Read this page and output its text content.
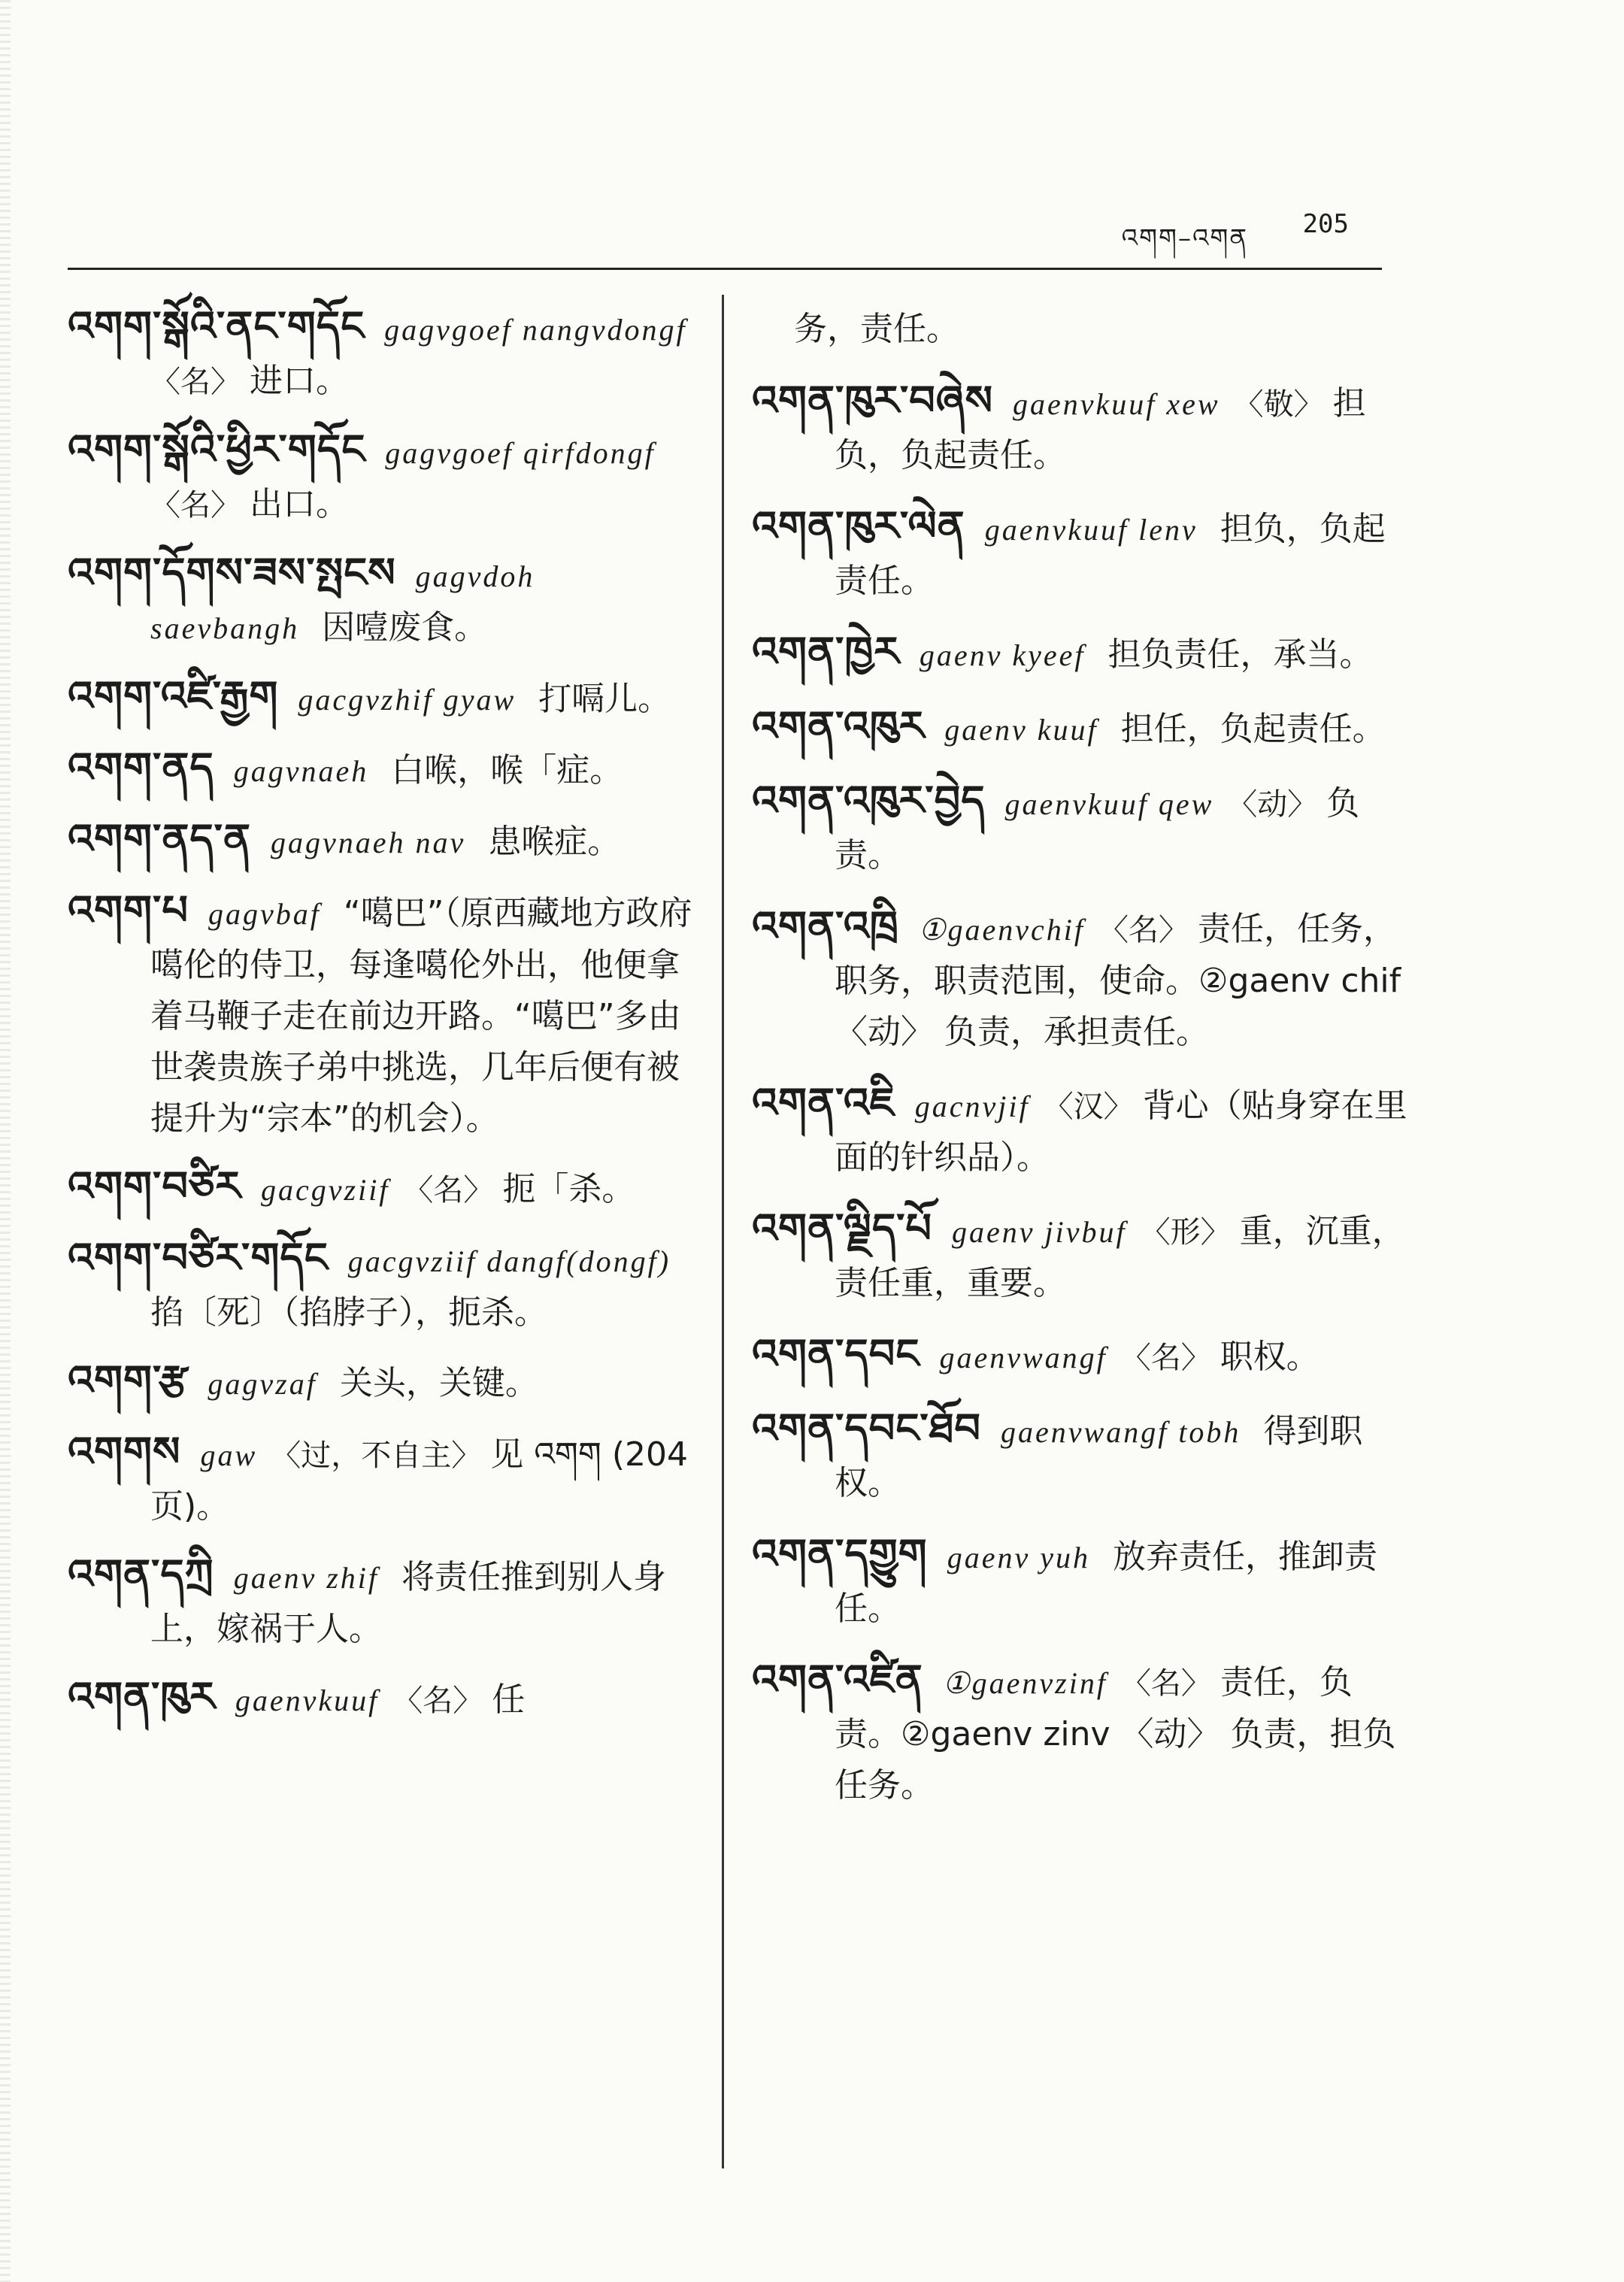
འགག–འགན 205
འགག་སྒོའི་ནང་གདོང gagvgoef nangvdongf〈名〉 进口。
འགག་སྒོའི་ཕྱིར་གདོང gagvgoef qirfdongf〈名〉 出口。
འགག་དོགས་ཟས་སྤངས gagvdoh saevbangh 因噎废食。
འགག་འཛི་རྒྱག gacgvzhif gyaw 打嗝儿。
འགག་ནད gagvnaeh 白喉，喉「症。
འགག་ནད་ན gagvnaeh nav 患喉症。
འགག་པ gagvbaf “噶巴”（原西藏地方政府噶伦的侍卫，每逢噶伦外出，他便拿着马鞭子走在前边开路。“噶巴”多由世袭贵族子弟中挑选，几年后便有被提升为“宗本”的机会）。
འགག་བཙིར gacgvziif 〈名〉 扼「杀。
འགག་བཙིར་གདོང gacgvziif dangf(dongf)掐〔死〕（掐脖子），扼杀。
འགག་རྩ gagvzaf 关头，关键。
འགགས gaw 〈过，不自主〉 见 འགག (204页)。
འགན་དཀྲི gaenv zhif 将责任推到别人身上，嫁祸于人。
འགན་ཁུར gaenvkuuf 〈名〉 任
务，责任。
འགན་ཁུར་བཞེས gaenvkuuf xew 〈敬〉 担负，负起责任。
འགན་ཁུར་ལེན gaenvkuuf lenv 担负，负起责任。
འགན་ཁྱེར gaenv kyeef 担负责任，承当。
འགན་འཁུར gaenv kuuf 担任，负起责任。
འགན་འཁུར་བྱེད gaenvkuuf qew 〈动〉 负责。
འགན་འཁྲི ①gaenvchif 〈名〉 责任，任务，职务，职责范围，使命。②gaenv chif 〈动〉 负责，承担责任。
འགན་འཇི gacnvjif 〈汉〉 背心（贴身穿在里面的针织品）。
འགན་ལྗིད་པོ gaenv jivbuf 〈形〉 重，沉重，责任重，重要。
འགན་དབང gaenvwangf 〈名〉 职权。
འགན་དབང་ཐོབ gaenvwangf tobh 得到职权。
འགན་དགྱུག gaenv yuh 放弃责任，推卸责任。
འགན་འཛིན ①gaenvzinf 〈名〉 责任，负责。②gaenv zinv 〈动〉 负责，担负任务。
